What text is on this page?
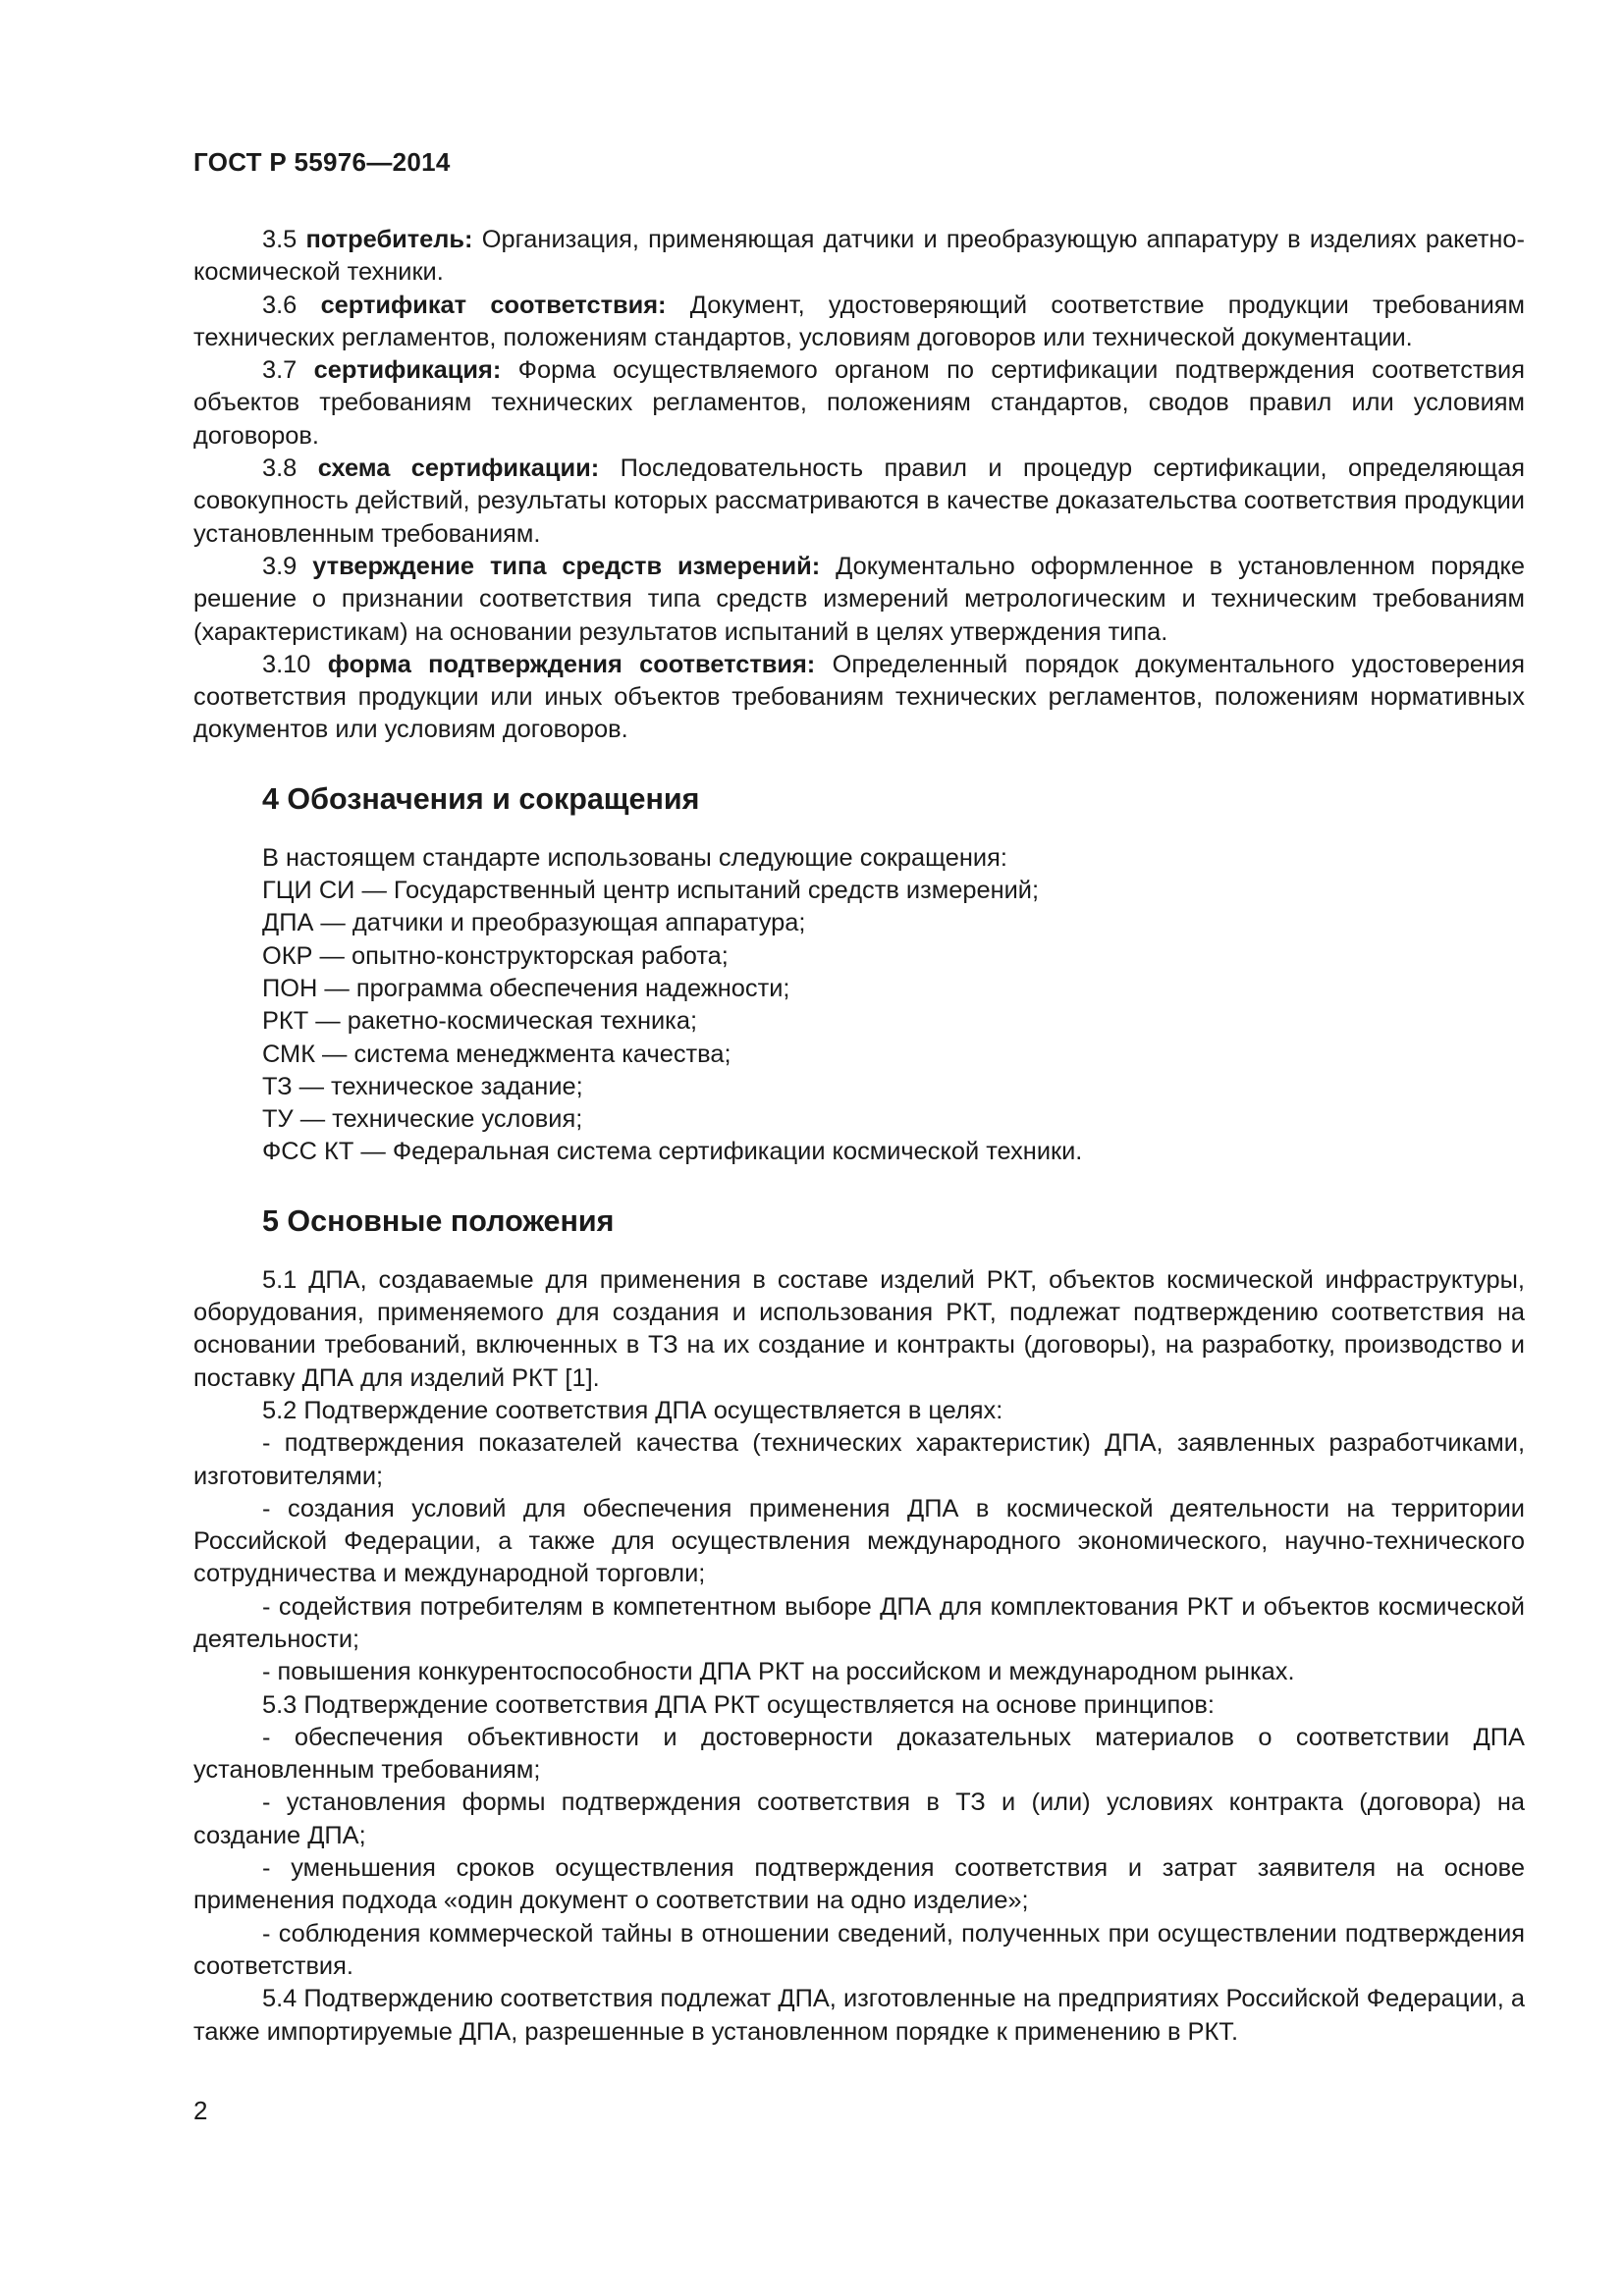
ГОСТ Р 55976—2014

3.5 потребитель: Организация, применяющая датчики и преобразующую аппаратуру в изделиях ракетно-космической техники.

3.6 сертификат соответствия: Документ, удостоверяющий соответствие продукции требованиям технических регламентов, положениям стандартов, условиям договоров или технической документации.

3.7 сертификация: Форма осуществляемого органом по сертификации подтверждения соответствия объектов требованиям технических регламентов, положениям стандартов, сводов правил или условиям договоров.

3.8 схема сертификации: Последовательность правил и процедур сертификации, определяющая совокупность действий, результаты которых рассматриваются в качестве доказательства соответствия продукции установленным требованиям.

3.9 утверждение типа средств измерений: Документально оформленное в установленном порядке решение о признании соответствия типа средств измерений метрологическим и техническим требованиям (характеристикам) на основании результатов испытаний в целях утверждения типа.

3.10 форма подтверждения соответствия: Определенный порядок документального удостоверения соответствия продукции или иных объектов требованиям технических регламентов, положениям нормативных документов или условиям договоров.

4 Обозначения и сокращения

В настоящем стандарте использованы следующие сокращения:

ГЦИ СИ — Государственный центр испытаний средств измерений;

ДПА — датчики и преобразующая аппаратура;

ОКР — опытно-конструкторская работа;

ПОН — программа обеспечения надежности;

РКТ — ракетно-космическая техника;

СМК — система менеджмента качества;

ТЗ — техническое задание;

ТУ — технические условия;

ФСС КТ — Федеральная система сертификации космической техники.

5 Основные положения

5.1 ДПА, создаваемые для применения в составе изделий РКТ, объектов космической инфраструктуры, оборудования, применяемого для создания и использования РКТ, подлежат подтверждению соответствия на основании требований, включенных в ТЗ на их создание и контракты (договоры), на разработку, производство и поставку ДПА для изделий РКТ [1].

5.2 Подтверждение соответствия ДПА осуществляется в целях:

- подтверждения показателей качества (технических характеристик) ДПА, заявленных разработчиками, изготовителями;

- создания условий для обеспечения применения ДПА в космической деятельности на территории Российской Федерации, а также для осуществления международного экономического, научно-технического сотрудничества и международной торговли;

- содействия потребителям в компетентном выборе ДПА для комплектования РКТ и объектов космической деятельности;

- повышения конкурентоспособности ДПА РКТ на российском и международном рынках.

5.3 Подтверждение соответствия ДПА РКТ осуществляется на основе принципов:

- обеспечения объективности и достоверности доказательных материалов о соответствии ДПА установленным требованиям;

- установления формы подтверждения соответствия в ТЗ и (или) условиях контракта (договора) на создание ДПА;

- уменьшения сроков осуществления подтверждения соответствия и затрат заявителя на основе применения подхода «один документ о соответствии на одно изделие»;

- соблюдения коммерческой тайны в отношении сведений, полученных при осуществлении подтверждения соответствия.

5.4 Подтверждению соответствия подлежат ДПА, изготовленные на предприятиях Российской Федерации, а также импортируемые ДПА, разрешенные в установленном порядке к применению в РКТ.

2
